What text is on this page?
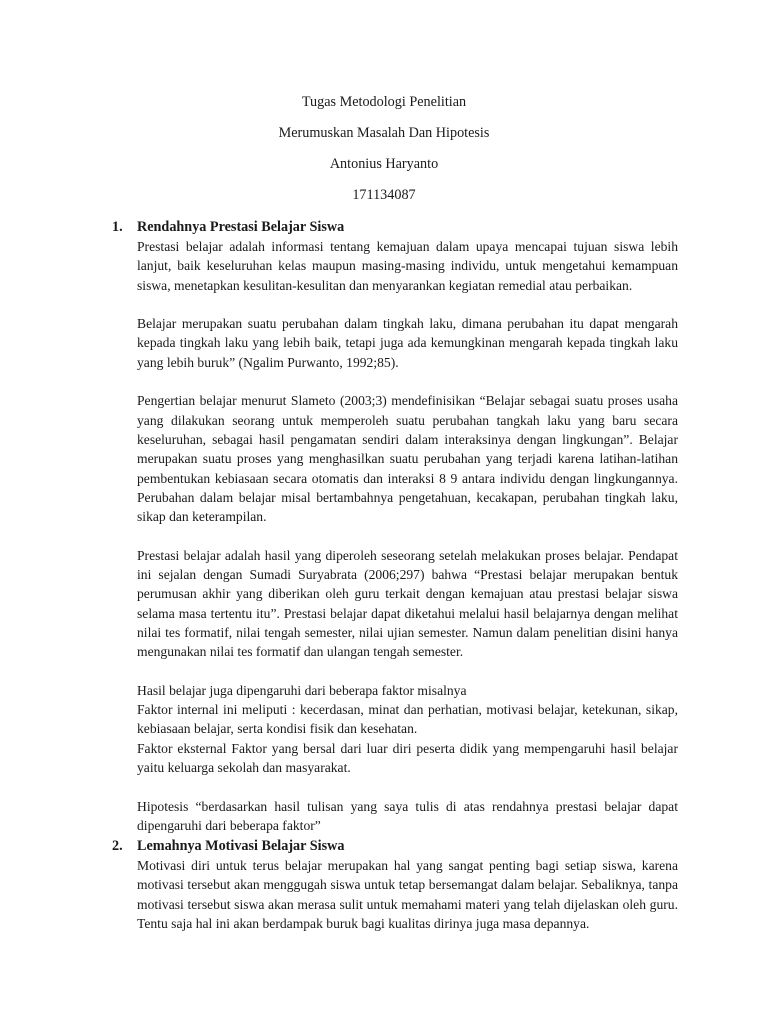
Tugas Metodologi Penelitian
Merumuskan Masalah Dan Hipotesis
Antonius Haryanto
171134087
1. Rendahnya Prestasi Belajar Siswa

Prestasi belajar adalah informasi tentang kemajuan dalam upaya mencapai tujuan siswa lebih lanjut, baik keseluruhan kelas maupun masing-masing individu, untuk mengetahui kemampuan siswa, menetapkan kesulitan-kesulitan dan menyarankan kegiatan remedial atau perbaikan.

Belajar merupakan suatu perubahan dalam tingkah laku, dimana perubahan itu dapat mengarah kepada tingkah laku yang lebih baik, tetapi juga ada kemungkinan mengarah kepada tingkah laku yang lebih buruk” (Ngalim Purwanto, 1992;85).

Pengertian belajar menurut Slameto (2003;3) mendefinisikan “Belajar sebagai suatu proses usaha yang dilakukan seorang untuk memperoleh suatu perubahan tangkah laku yang baru secara keseluruhan, sebagai hasil pengamatan sendiri dalam interaksinya dengan lingkungan”. Belajar merupakan suatu proses yang menghasilkan suatu perubahan yang terjadi karena latihan-latihan pembentukan kebiasaan secara otomatis dan interaksi 8 9 antara individu dengan lingkungannya. Perubahan dalam belajar misal bertambahnya pengetahuan, kecakapan, perubahan tingkah laku, sikap dan keterampilan.

Prestasi belajar adalah hasil yang diperoleh seseorang setelah melakukan proses belajar. Pendapat ini sejalan dengan Sumadi Suryabrata (2006;297) bahwa “Prestasi belajar merupakan bentuk perumusan akhir yang diberikan oleh guru terkait dengan kemajuan atau prestasi belajar siswa selama masa tertentu itu”. Prestasi belajar dapat diketahui melalui hasil belajarnya dengan melihat nilai tes formatif, nilai tengah semester, nilai ujian semester. Namun dalam penelitian disini hanya mengunakan nilai tes formatif dan ulangan tengah semester.

Hasil belajar juga dipengaruhi dari beberapa faktor misalnya

Faktor internal ini meliputi : kecerdasan, minat dan perhatian, motivasi belajar, ketekunan, sikap, kebiasaan belajar, serta kondisi fisik dan kesehatan.

Faktor eksternal Faktor yang bersal dari luar diri peserta didik yang mempengaruhi hasil belajar yaitu keluarga sekolah dan masyarakat.

Hipotesis “berdasarkan hasil tulisan yang saya tulis di atas rendahnya prestasi belajar dapat dipengaruhi dari beberapa faktor”

2. Lemahnya Motivasi Belajar Siswa

Motivasi diri untuk terus belajar merupakan hal yang sangat penting bagi setiap siswa, karena motivasi tersebut akan menggugah siswa untuk tetap bersemangat dalam belajar. Sebaliknya, tanpa motivasi tersebut siswa akan merasa sulit untuk memahami materi yang telah dijelaskan oleh guru. Tentu saja hal ini akan berdampak buruk bagi kualitas dirinya juga masa depannya.
